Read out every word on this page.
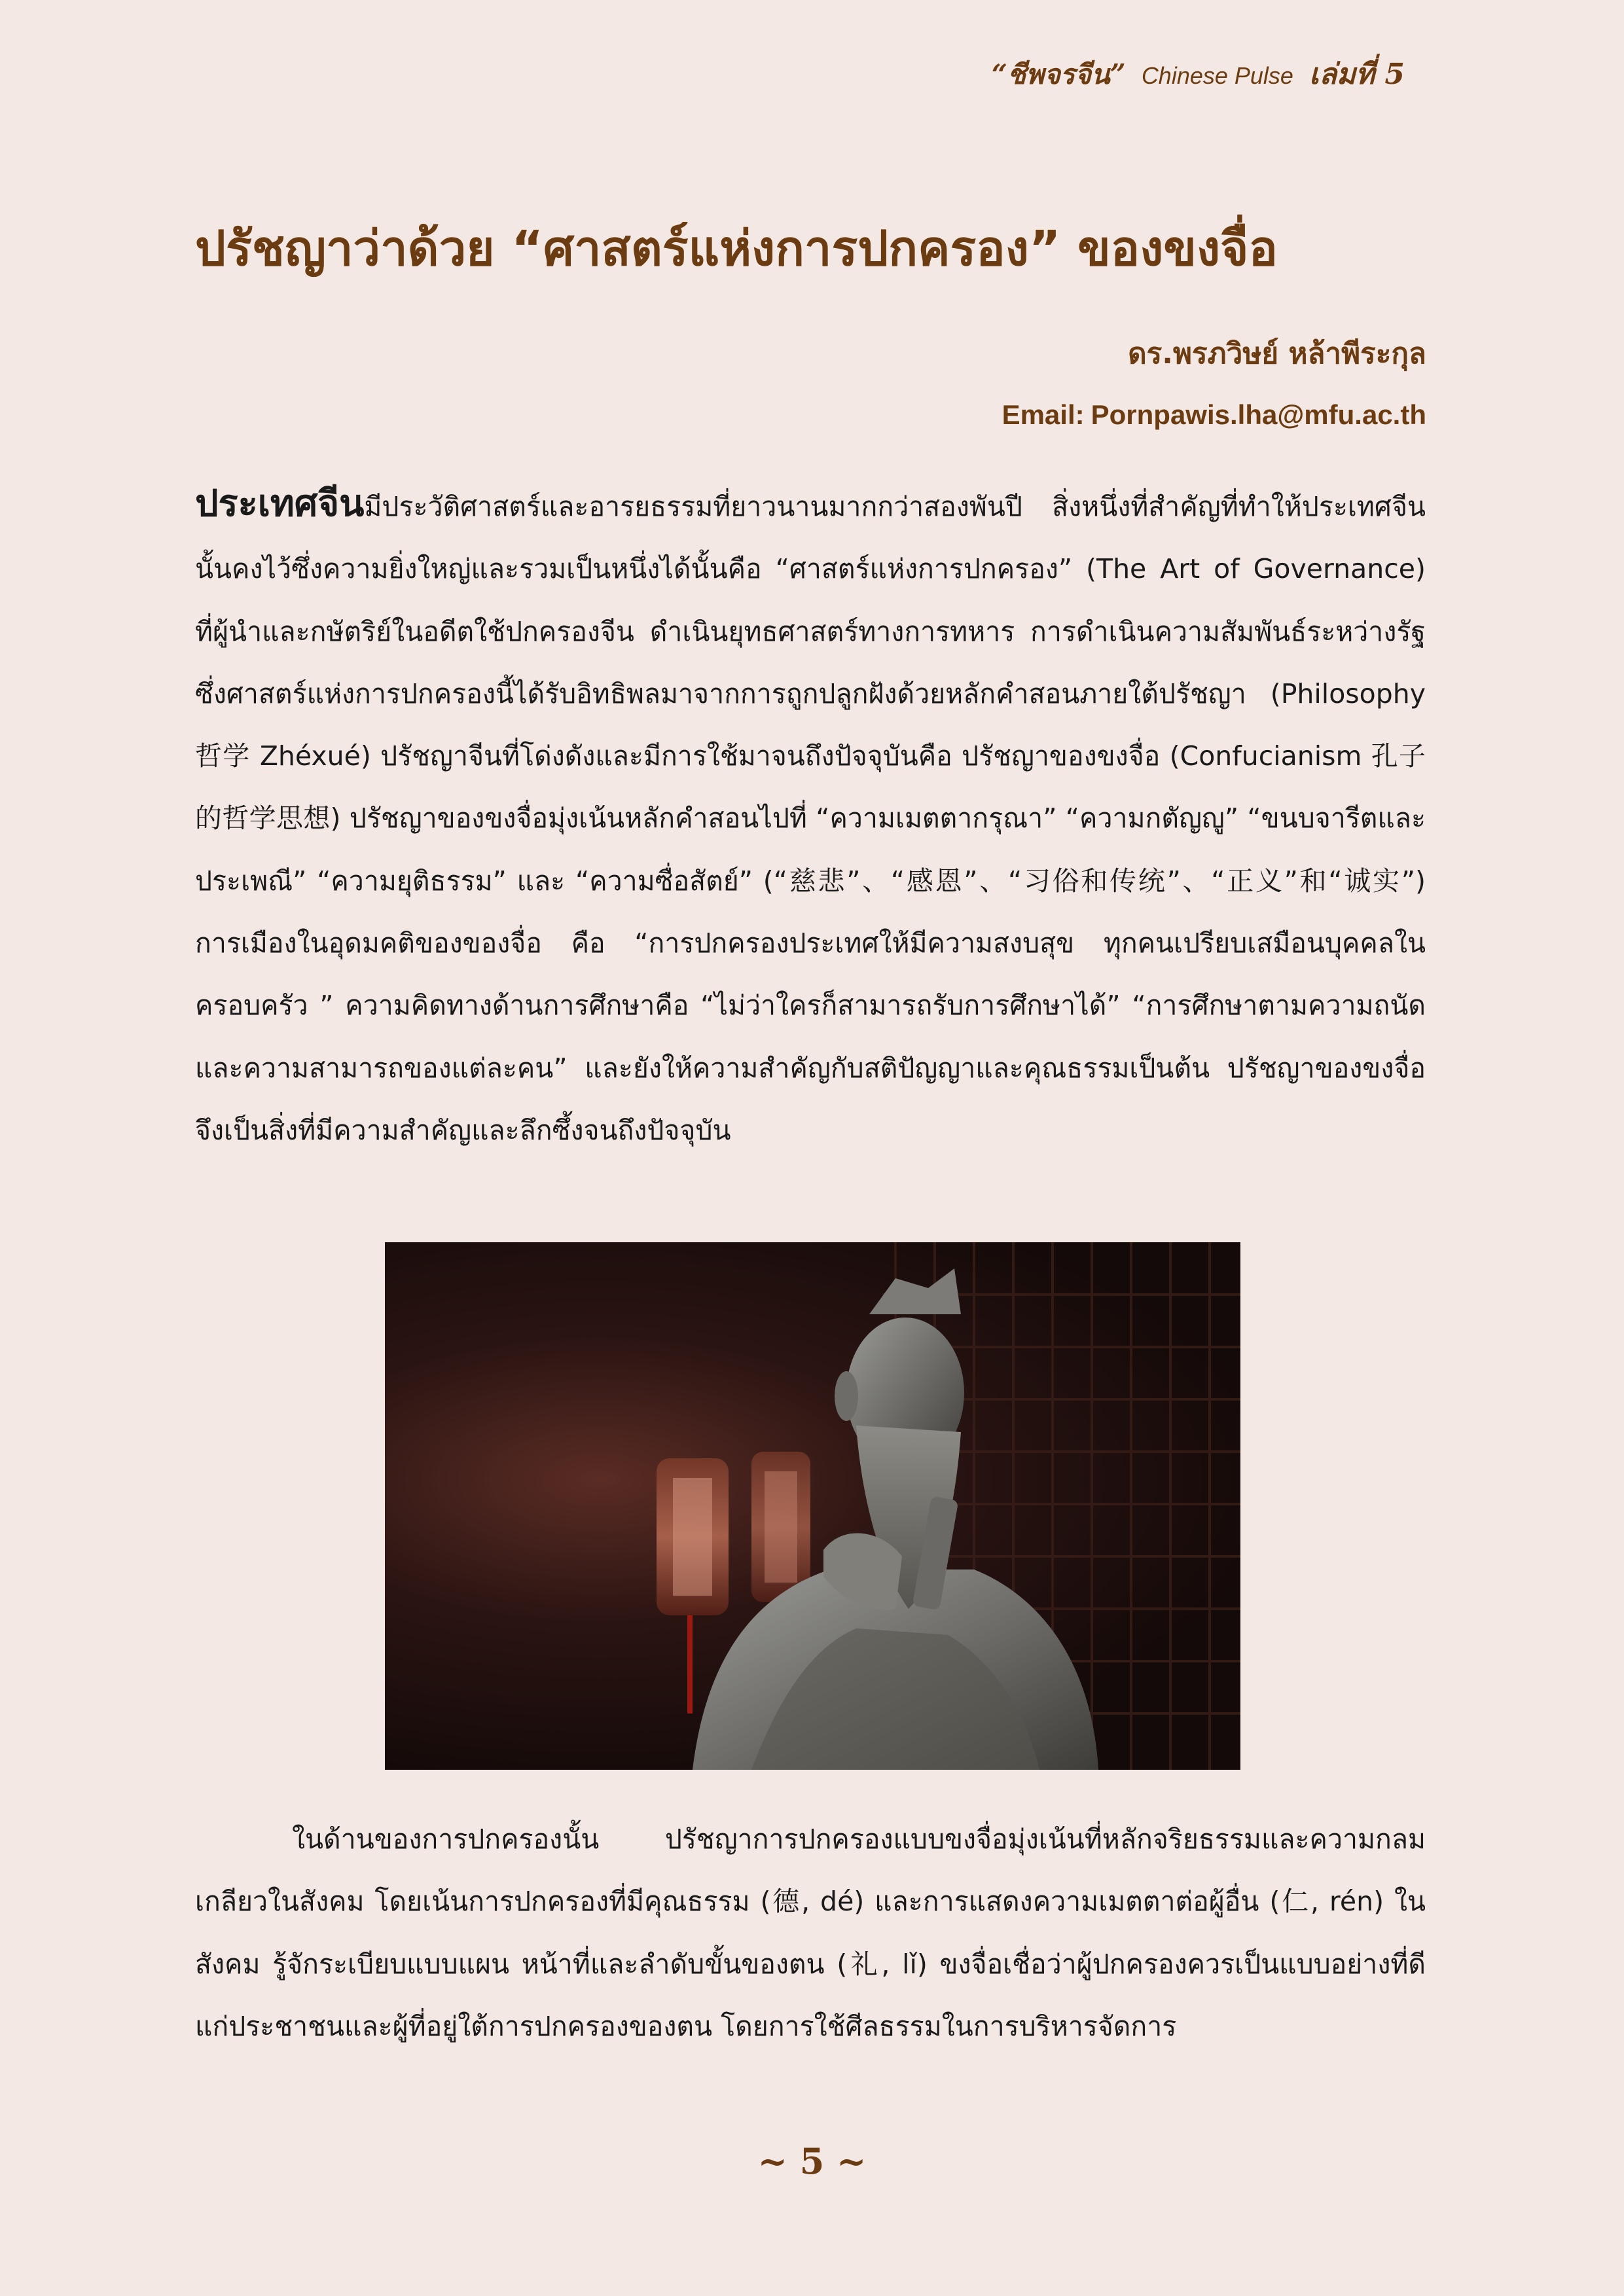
“ชีพจรจีน” Chinese Pulse เล่มที่ 5
ปรัชญาว่าด้วย “ศาสตร์แห่งการปกครอง” ของขงจื่อ
ดร.พรภวิษย์ หล้าพีระกุล
Email: Pornpawis.lha@mfu.ac.th

ประเทศจีนมีประวัติศาสตร์และอารยธรรมที่ยาวนานมากกว่าสองพันปี สิ่งหนึ่งที่สำคัญที่ทำให้ประเทศจีนนั้นคงไว้ซึ่งความยิ่งใหญ่และรวมเป็นหนึ่งได้นั้นคือ “ศาสตร์แห่งการปกครอง” (The Art of Governance) ที่ผู้นำและกษัตริย์ในอดีตใช้ปกครองจีน ดำเนินยุทธศาสตร์ทางการทหาร การดำเนินความสัมพันธ์ระหว่างรัฐ ซึ่งศาสตร์แห่งการปกครองนี้ได้รับอิทธิพลมาจากการถูกปลูกฝังด้วยหลักคำสอนภายใต้ปรัชญา (Philosophy 哲学 Zhéxué) ปรัชญาจีนที่โด่งดังและมีการใช้มาจนถึงปัจจุบันคือ ปรัชญาของขงจื่อ (Confucianism 孔子的哲学思想) ปรัชญาของขงจื่อมุ่งเน้นหลักคำสอนไปที่ “ความเมตตากรุณา” “ความกตัญญู” “ขนบจารีตและประเพณี” “ความยุติธรรม” และ “ความซื่อสัตย์” (“慈悲”、“感恩”、“习俗和传统”、“正义”和“诚实”) การเมืองในอุดมคติของของจื่อ คือ “การปกครองประเทศให้มีความสงบสุข ทุกคนเปรียบเสมือนบุคคลในครอบครัว ” ความคิดทางด้านการศึกษาคือ “ไม่ว่าใครก็สามารถรับการศึกษาได้” “การศึกษาตามความถนัดและความสามารถของแต่ละคน” และยังให้ความสำคัญกับสติปัญญาและคุณธรรมเป็นต้น ปรัชญาของขงจื่อจึงเป็นสิ่งที่มีความสำคัญและลึกซึ้งจนถึงปัจจุบัน

ในด้านของการปกครองนั้น ปรัชญาการปกครองแบบขงจื่อมุ่งเน้นที่หลักจริยธรรมและความกลมเกลียวในสังคม โดยเน้นการปกครองที่มีคุณธรรม (德, dé) และการแสดงความเมตตาต่อผู้อื่น (仁, rén) ในสังคม รู้จักระเบียบแบบแผน หน้าที่และลำดับขั้นของตน (礼, lǐ) ขงจื่อเชื่อว่าผู้ปกครองควรเป็นแบบอย่างที่ดีแก่ประชาชนและผู้ที่อยู่ใต้การปกครองของตน โดยการใช้ศีลธรรมในการบริหารจัดการ

~ 5 ~
